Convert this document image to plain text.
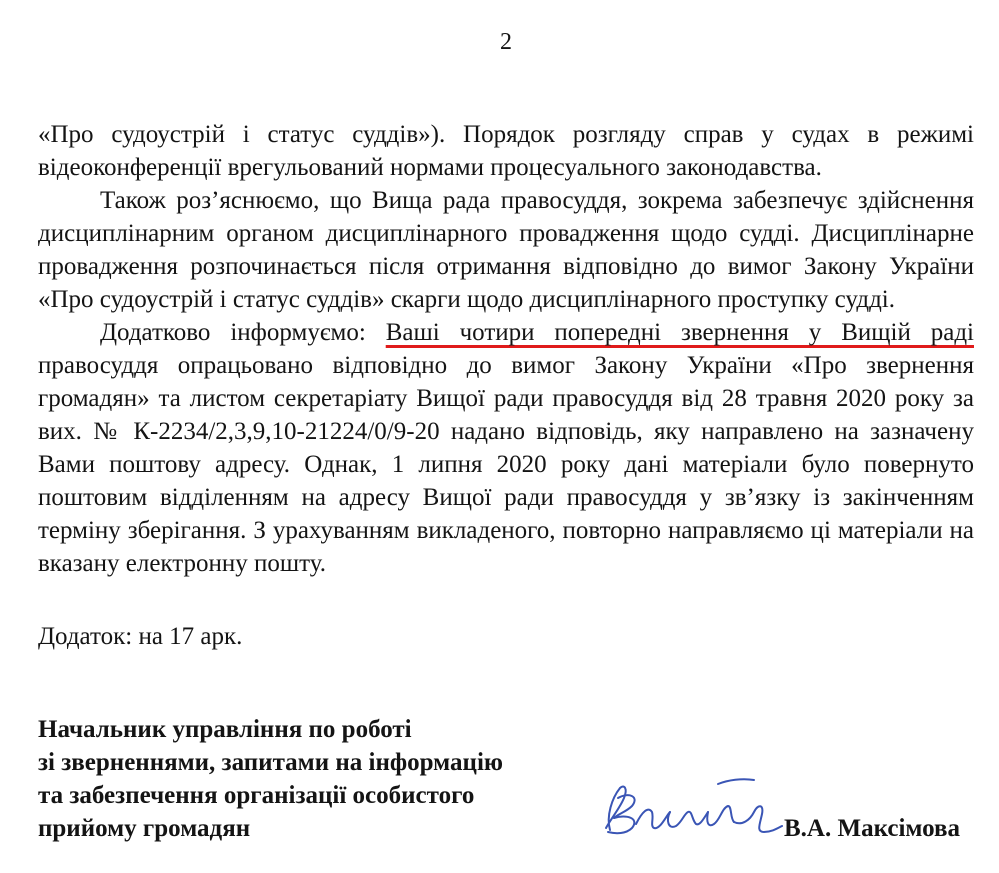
2

«Про судоустрій і статус суддів»). Порядок розгляду справ у судах в режимі відеоконференції врегульований нормами процесуального законодавства.

Також роз’яснюємо, що Вища рада правосуддя, зокрема забезпечує здійснення дисциплінарним органом дисциплінарного провадження щодо судді. Дисциплінарне провадження розпочинається після отримання відповідно до вимог Закону України «Про судоустрій і статус суддів» скарги щодо дисциплінарного проступку судді.

Додатково інформуємо: Ваші чотири попередні звернення у Вищій раді правосуддя опрацьовано відповідно до вимог Закону України «Про звернення громадян» та листом секретаріату Вищої ради правосуддя від 28 травня 2020 року за вих. № К-2234/2,3,9,10-21224/0/9-20 надано відповідь, яку направлено на зазначену Вами поштову адресу. Однак, 1 липня 2020 року дані матеріали було повернуто поштовим відділенням на адресу Вищої ради правосуддя у зв’язку із закінченням терміну зберігання. З урахуванням викладеного, повторно направляємо ці матеріали на вказану електронну пошту.

Додаток: на 17 арк.
Начальник управління по роботі
зі зверненнями, запитами на інформацію
та забезпечення організації особистого
прийому громадян	В.А. Максімова
